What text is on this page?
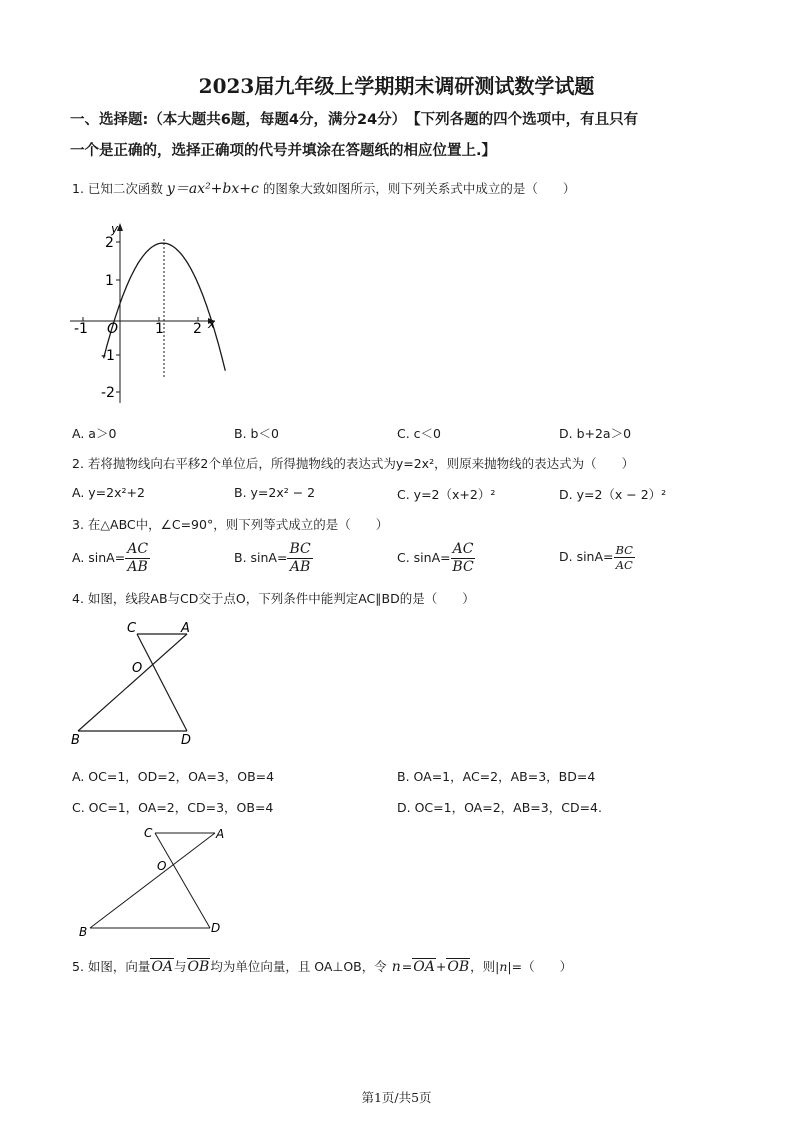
2023届九年级上学期期末调研测试数学试题
一、选择题:（本大题共6题，每题4分，满分24分）　【下列各题的四个选项中，有且只有
一个是正确的，选择正确项的代号并填涂在答题纸的相应位置上.】
1. 已知二次函数 y＝ax²+bx+c 的图象大致如图所示，则下列关系式中成立的是（　　）
y
x
2
1
-1
-2
-1 O	1 2
A. a＞0	B. b＜0	C. c＜0	D. b+2a＞0
2. 若将抛物线向右平移2个单位后，所得抛物线的表达式为y=2x²，则原来抛物线的表达式为（　　）
A. y=2x²+2	B. y=2x² − 2	C. y=2（x+2）²	D. y=2（x − 2）²
3. 在△ABC中，∠C=90°，则下列等式成立的是（　　）
A. $\sin A= \frac{AC}{AB}$	B. $\sin A= \frac{BC}{AB}$	C. $\sin A= \frac{AC}{BC}$	D. $\sin A= \frac{BC}{AC}$
4. 如图，线段AB与CD交于点O，下列条件中能判定AC∥BD的是（　　）
C	A
O
B	D
A. OC=1，OD=2，OA=3，OB=4	B. OA=1，AC=2，AB=3，BD=4
C. OC=1，OA=2，CD=3，OB=4	D. OC=1，OA=2，AB=3，CD=4.
C	A
O
B	D
5. 如图，向量OA与OB均为单位向量，且 OA⊥OB，令 n=OA+OB，则|n|=（　　）
第1页/共5页
